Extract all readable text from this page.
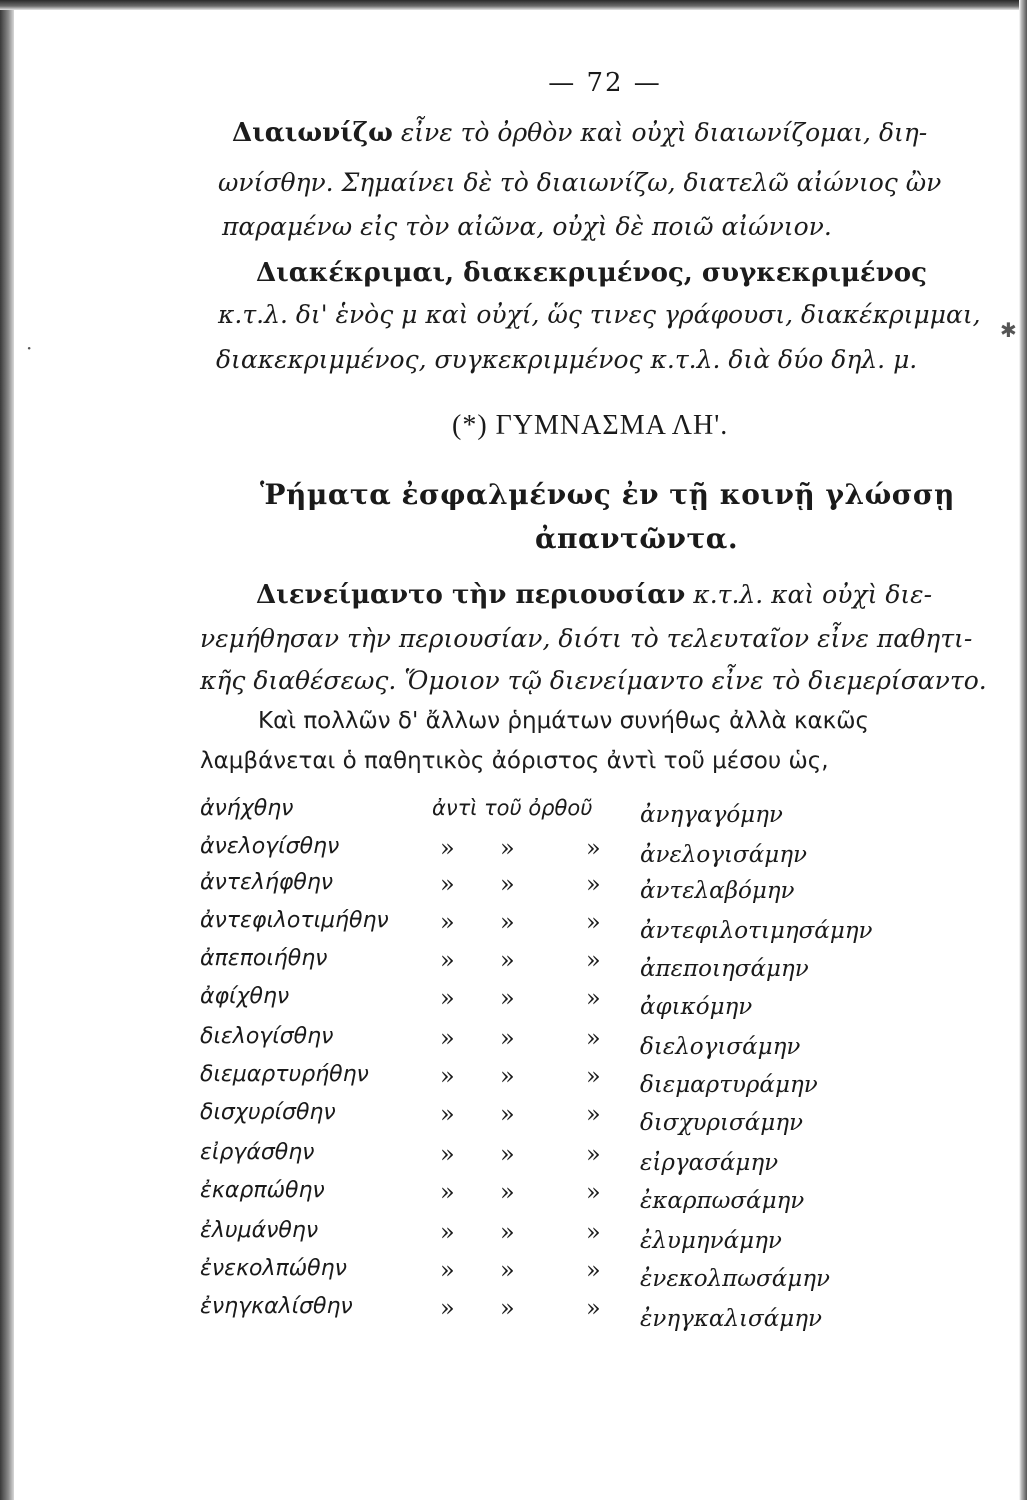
·
✱
— 72 —
Διαιωνίζω εἶνε τὸ ὀρθὸν καὶ οὐχὶ διαιωνίζομαι, διη-
ωνίσθην. Σημαίνει δὲ τὸ διαιωνίζω, διατελῶ αἰώνιος ὢν
παραμένω εἰς τὸν αἰῶνα, οὐχὶ δὲ ποιῶ αἰώνιον.
Διακέκριμαι, διακεκριμένος, συγκεκριμένος
κ.τ.λ. δι' ἑνὸς μ καὶ οὐχί, ὥς τινες γράφουσι, διακέκριμμαι,
διακεκριμμένος, συγκεκριμμένος κ.τ.λ. διὰ δύο δηλ. μ.
(*) ΓΥΜΝΑΣΜΑ ΛΗ'.
Ῥήματα ἐσφαλμένως ἐν τῇ κοινῇ γλώσσῃ
ἀπαντῶντα.
Διενείμαντο τὴν περιουσίαν κ.τ.λ. καὶ οὐχὶ διε-
νεμήθησαν τὴν περιουσίαν, διότι τὸ τελευταῖον εἶνε παθητι-
κῆς διαθέσεως. Ὅμοιον τῷ διενείμαντο εἶνε τὸ διεμερίσαντο.
Καὶ πολλῶν δ' ἄλλων ῥημάτων συνήθως ἀλλὰ κακῶς
λαμβάνεται ὁ παθητικὸς ἀόριστος ἀντὶ τοῦ μέσου ὡς,
ἀνήχθην	ἀντὶ τοῦ ὀρθοῦ ἀνηγαγόμην
ἀνελογίσθην	» »	» ἀνελογισάμην
ἀντελήφθην	» »	» ἀντελαβόμην
ἀντεφιλοτιμήθην » »	» ἀντεφιλοτιμησάμην
ἀπεποιήθην	» »	» ἀπεποιησάμην
ἀφίχθην	» »	» ἀφικόμην
διελογίσθην	» »	» διελογισάμην
διεμαρτυρήθην	» »	» διεμαρτυράμην
δισχυρίσθην	» »	» δισχυρισάμην
εἰργάσθην	» »	» εἰργασάμην
ἐκαρπώθην	» »	» ἐκαρπωσάμην
ἐλυμάνθην	» »	» ἐλυμηνάμην
ἐνεκολπώθην	» »	» ἐνεκολπωσάμην
ἐνηγκαλίσθην	» »	» ἐνηγκαλισάμην
